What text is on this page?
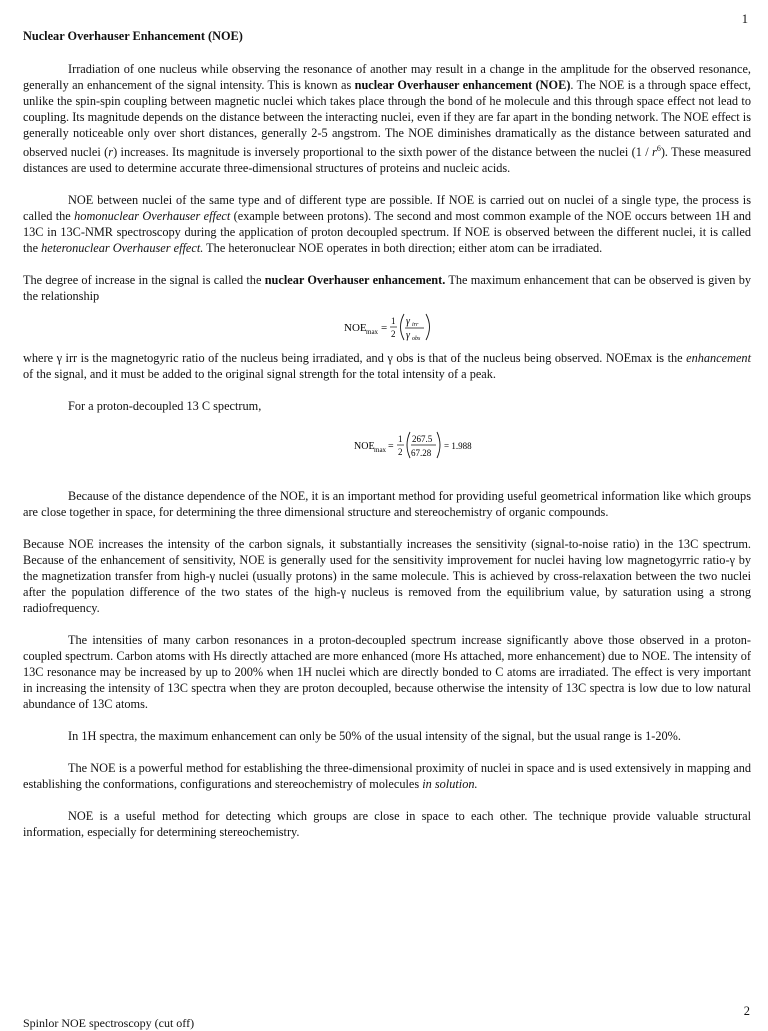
1
Nuclear Overhauser Enhancement (NOE)

Irradiation of one nucleus while observing the resonance of another may result in a change in the amplitude for the observed resonance, generally an enhancement of the signal intensity. This is known as nuclear Overhauser enhancement (NOE). The NOE is a through space effect, unlike the spin-spin coupling between magnetic nuclei which takes place through the bond of he molecule and this through space effect not lead to coupling. Its magnitude depends on the distance between the interacting nuclei, even if they are far apart in the bonding network. The NOE effect is generally noticeable only over short distances, generally 2-5 angstrom. The NOE diminishes dramatically as the distance between saturated and observed nuclei (r) increases. Its magnitude is inversely proportional to the sixth power of the distance between the nuclei $(1 / r^6)$. These measured distances are used to determine accurate three-dimensional structures of proteins and nucleic acids.

NOE between nuclei of the same type and of different type are possible. If NOE is carried out on nuclei of a single type, the process is called the homonuclear Overhauser effect (example between protons). The second and most common example of the NOE occurs between 1H and 13C in 13C-NMR spectroscopy during the application of proton decoupled spectrum. If NOE is observed between the different nuclei, it is called the heteronuclear Overhauser effect. The heteronuclear NOE operates in both direction; either atom can be irradiated.

The degree of increase in the signal is called the nuclear Overhauser enhancement. The maximum enhancement that can be observed is given by the relationship

NOE max =
1
2
γ irr
γ obs

where γ irr is the magnetogyric ratio of the nucleus being irradiated, and γ obs is that of the nucleus being observed. NOEmax is the enhancement of the signal, and it must be added to the original signal strength for the total intensity of a peak.

For a proton-decoupled 13 C spectrum,

NOE max =
1
2
267.5
67.28
= 1.988

Because of the distance dependence of the NOE, it is an important method for providing useful geometrical information like which groups are close together in space, for determining the three dimensional structure and stereochemistry of organic compounds.

Because NOE increases the intensity of the carbon signals, it substantially increases the sensitivity (signal-to-noise ratio) in the 13C spectrum. Because of the enhancement of sensitivity, NOE is generally used for the sensitivity improvement for nuclei having low magnetogyrric ratio-γ by the magnetization transfer from high-γ nuclei (usually protons) in the same molecule. This is achieved by cross-relaxation between the two nuclei after the population difference of the two states of the high-γ nucleus is removed from the equilibrium value, by saturation using a strong radiofrequency.

The intensities of many carbon resonances in a proton-decoupled spectrum increase significantly above those observed in a proton-coupled spectrum. Carbon atoms with Hs directly attached are more enhanced (more Hs attached, more enhancement) due to NOE. The intensity of 13C resonance may be increased by up to 200% when 1H nuclei which are directly bonded to C atoms are irradiated. The effect is very important in increasing the intensity of 13C spectra when they are proton decoupled, because otherwise the intensity of 13C spectra is low due to low natural abundance of 13C atoms.

In 1H spectra, the maximum enhancement can only be 50% of the usual intensity of the signal, but the usual range is 1-20%.

The NOE is a powerful method for establishing the three-dimensional proximity of nuclei in space and is used extensively in mapping and establishing the conformations, configurations and stereochemistry of molecules in solution.

NOE is a useful method for detecting which groups are close in space to each other. The technique provide valuable structural information, especially for determining stereochemistry.

2
Spinlor NOE spectroscopy (cut off)
